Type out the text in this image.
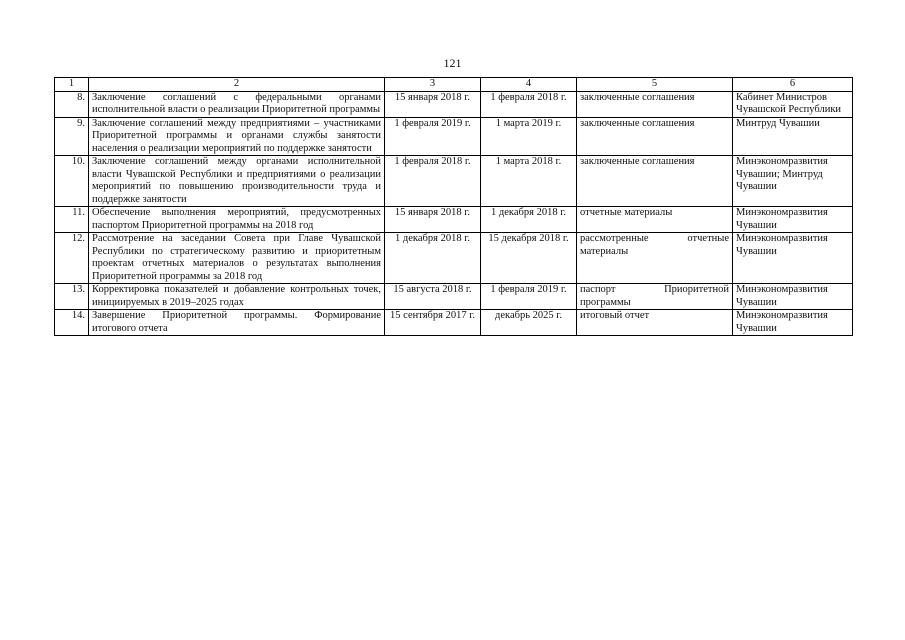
121
1	2	3	4	5	6
8.	Заключение соглашений с федеральными органами исполнительной власти о реализации Приоритетной программы	15 января 2018 г.	1 февраля 2018 г.	заключенные соглашения	Кабинет Министров Чувашской Республики
9.	Заключение соглашений между предприятиями – участниками Приоритетной программы и органами службы занятости населения о реализации мероприятий по поддержке занятости	1 февраля 2019 г.	1 марта 2019 г.	заключенные соглашения	Минтруд Чувашии
10.	Заключение соглашений между органами исполнительной власти Чувашской Республики и предприятиями о реализации мероприятий по повышению производительности труда и поддержке занятости	1 февраля 2018 г.	1 марта 2018 г.	заключенные соглашения	Минэкономразвития Чувашии; Минтруд Чувашии
11.	Обеспечение выполнения мероприятий, предусмотренных паспортом Приоритетной программы на 2018 год	15 января 2018 г.	1 декабря 2018 г.	отчетные материалы	Минэкономразвития Чувашии
12.	Рассмотрение на заседании Совета при Главе Чувашской Республики по стратегическому развитию и приоритетным проектам отчетных материалов о результатах выполнения Приоритетной программы за 2018 год	1 декабря 2018 г.	15 декабря 2018 г.	рассмотренные отчетные материалы	Минэкономразвития Чувашии
13.	Корректировка показателей и добавление контрольных точек, инициируемых в 2019–2025 годах	15 августа 2018 г.	1 февраля 2019 г.	паспорт Приоритетной программы	Минэкономразвития Чувашии
14.	Завершение Приоритетной программы. Формирование итогового отчета	15 сентября 2017 г.	декабрь 2025 г.	итоговый отчет	Минэкономразвития Чувашии
